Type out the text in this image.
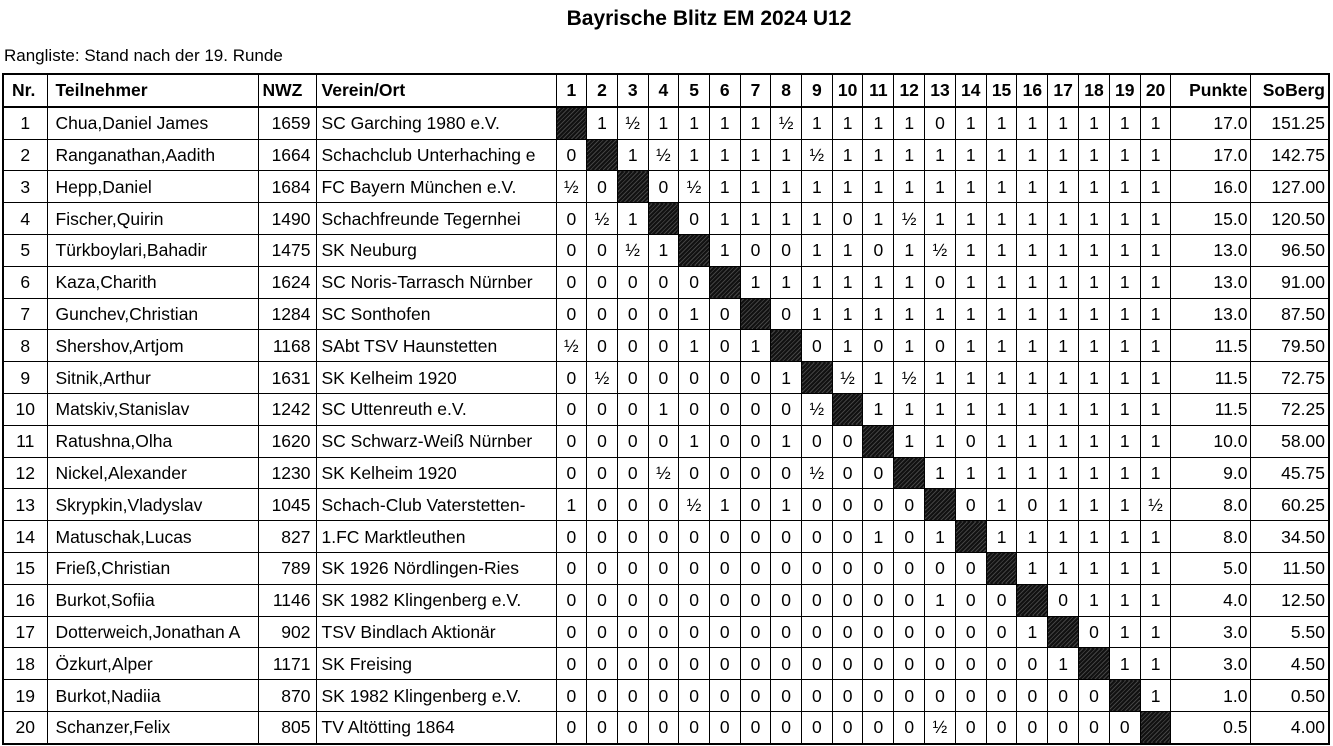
Bayrische Blitz EM 2024 U12
Rangliste: Stand nach der 19. Runde
Nr.	Teilnehmer	NWZ	Verein/Ort	1	2	3	4	5	6	7	8	9	10	11	12	13	14	15	16	17	18	19	20	Punkte	SoBerg
1	Chua,Daniel James	1659	SC Garching 1980 e.V.		1	½	1	1	1	1	½	1	1	1	1	0	1	1	1	1	1	1	1	17.0	151.25
2	Ranganathan,Aadith	1664	Schachclub Unterhaching e	0		1	½	1	1	1	1	½	1	1	1	1	1	1	1	1	1	1	1	17.0	142.75
3	Hepp,Daniel	1684	FC Bayern München e.V.	½	0		0	½	1	1	1	1	1	1	1	1	1	1	1	1	1	1	1	16.0	127.00
4	Fischer,Quirin	1490	Schachfreunde Tegernhei	0	½	1		0	1	1	1	1	0	1	½	1	1	1	1	1	1	1	1	15.0	120.50
5	Türkboylari,Bahadir	1475	SK Neuburg	0	0	½	1		1	0	0	1	1	0	1	½	1	1	1	1	1	1	1	13.0	96.50
6	Kaza,Charith	1624	SC Noris-Tarrasch Nürnber	0	0	0	0	0		1	1	1	1	1	1	0	1	1	1	1	1	1	1	13.0	91.00
7	Gunchev,Christian	1284	SC Sonthofen	0	0	0	0	1	0		0	1	1	1	1	1	1	1	1	1	1	1	1	13.0	87.50
8	Shershov,Artjom	1168	SAbt TSV Haunstetten	½	0	0	0	1	0	1		0	1	0	1	0	1	1	1	1	1	1	1	11.5	79.50
9	Sitnik,Arthur	1631	SK Kelheim 1920	0	½	0	0	0	0	0	1		½	1	½	1	1	1	1	1	1	1	1	11.5	72.75
10	Matskiv,Stanislav	1242	SC Uttenreuth e.V.	0	0	0	1	0	0	0	0	½		1	1	1	1	1	1	1	1	1	1	11.5	72.25
11	Ratushna,Olha	1620	SC Schwarz-Weiß Nürnber	0	0	0	0	1	0	0	1	0	0		1	1	0	1	1	1	1	1	1	10.0	58.00
12	Nickel,Alexander	1230	SK Kelheim 1920	0	0	0	½	0	0	0	0	½	0	0		1	1	1	1	1	1	1	1	9.0	45.75
13	Skrypkin,Vladyslav	1045	Schach-Club Vaterstetten-	1	0	0	0	½	1	0	1	0	0	0	0		0	1	0	1	1	1	½	8.0	60.25
14	Matuschak,Lucas	827	1.FC Marktleuthen	0	0	0	0	0	0	0	0	0	0	1	0	1		1	1	1	1	1	1	8.0	34.50
15	Frieß,Christian	789	SK 1926 Nördlingen-Ries	0	0	0	0	0	0	0	0	0	0	0	0	0	0		1	1	1	1	1	5.0	11.50
16	Burkot,Sofiia	1146	SK 1982 Klingenberg e.V.	0	0	0	0	0	0	0	0	0	0	0	0	1	0	0		0	1	1	1	4.0	12.50
17	Dotterweich,Jonathan A	902	TSV Bindlach Aktionär	0	0	0	0	0	0	0	0	0	0	0	0	0	0	0	1		0	1	1	3.0	5.50
18	Özkurt,Alper	1171	SK Freising	0	0	0	0	0	0	0	0	0	0	0	0	0	0	0	0	1		1	1	3.0	4.50
19	Burkot,Nadiia	870	SK 1982 Klingenberg e.V.	0	0	0	0	0	0	0	0	0	0	0	0	0	0	0	0	0	0		1	1.0	0.50
20	Schanzer,Felix	805	TV Altötting 1864	0	0	0	0	0	0	0	0	0	0	0	0	½	0	0	0	0	0	0		0.5	4.00
